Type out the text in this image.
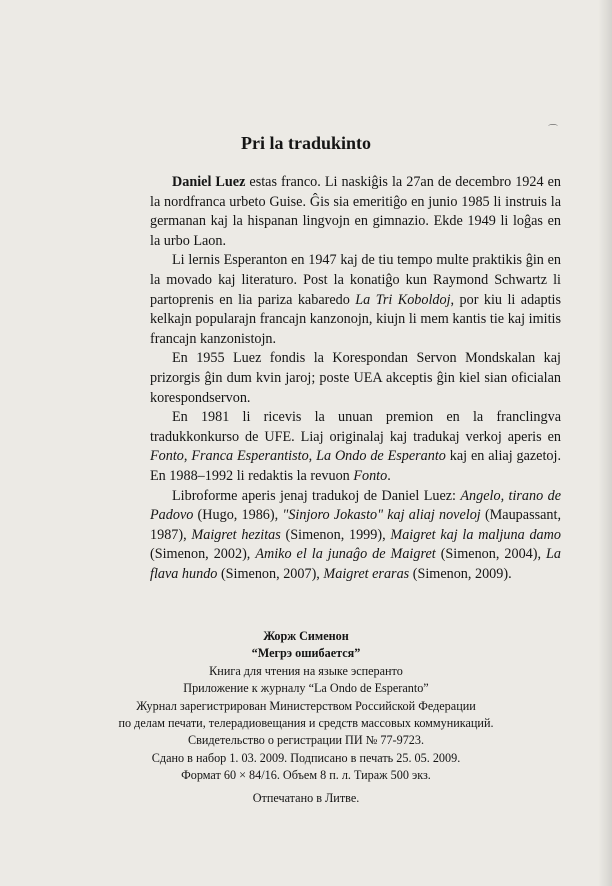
⌒
Pri la tradukinto

Daniel Luez estas franco. Li naskiĝis la 27an de decembro 1924 en la nordfranca urbeto Guise. Ĝis sia emeritiĝo en junio 1985 li instruis la germanan kaj la hispanan lingvojn en gimnazio. Ekde 1949 li loĝas en la urbo Laon.

Li lernis Esperanton en 1947 kaj de tiu tempo multe praktikis ĝin en la movado kaj literaturo. Post la konatiĝo kun Raymond Schwartz li partoprenis en lia pariza kabaredo La Tri Koboldoj, por kiu li adaptis kelkajn popularajn francajn kanzonojn, kiujn li mem kantis tie kaj imitis francajn kanzonistojn.

En 1955 Luez fondis la Korespondan Servon Mondskalan kaj prizorgis ĝin dum kvin jaroj; poste UEA akceptis ĝin kiel sian oficialan korespondservon.

En 1981 li ricevis la unuan premion en la franclingva tradukkonkurso de UFE. Liaj originalaj kaj tradukaj verkoj aperis en Fonto, Franca Esperantisto, La Ondo de Esperanto kaj en aliaj gazetoj. En 1988–1992 li redaktis la revuon Fonto.

Libroforme aperis jenaj tradukoj de Daniel Luez: Angelo, tirano de Padovo (Hugo, 1986), "Sinjoro Jokasto" kaj aliaj noveloj (Maupassant, 1987), Maigret hezitas (Simenon, 1999), Maigret kaj la maljuna damo (Simenon, 2002), Amiko el la junaĝo de Maigret (Simenon, 2004), La flava hundo (Simenon, 2007), Maigret eraras (Simenon, 2009).

Жорж Сименон
“Мегрэ ошибается”
Книга для чтения на языке эсперанто
Приложение к журналу “La Ondo de Esperanto”
Журнал зарегистрирован Министерством Российской Федерации
по делам печати, телерадиовещания и средств массовых коммуникаций.
Свидетельство о регистрации ПИ № 77-9723.
Сдано в набор 1. 03. 2009. Подписано в печать 25. 05. 2009.
Формат 60 × 84/16. Объем 8 п. л. Тираж 500 экз.
Отпечатано в Литве.
